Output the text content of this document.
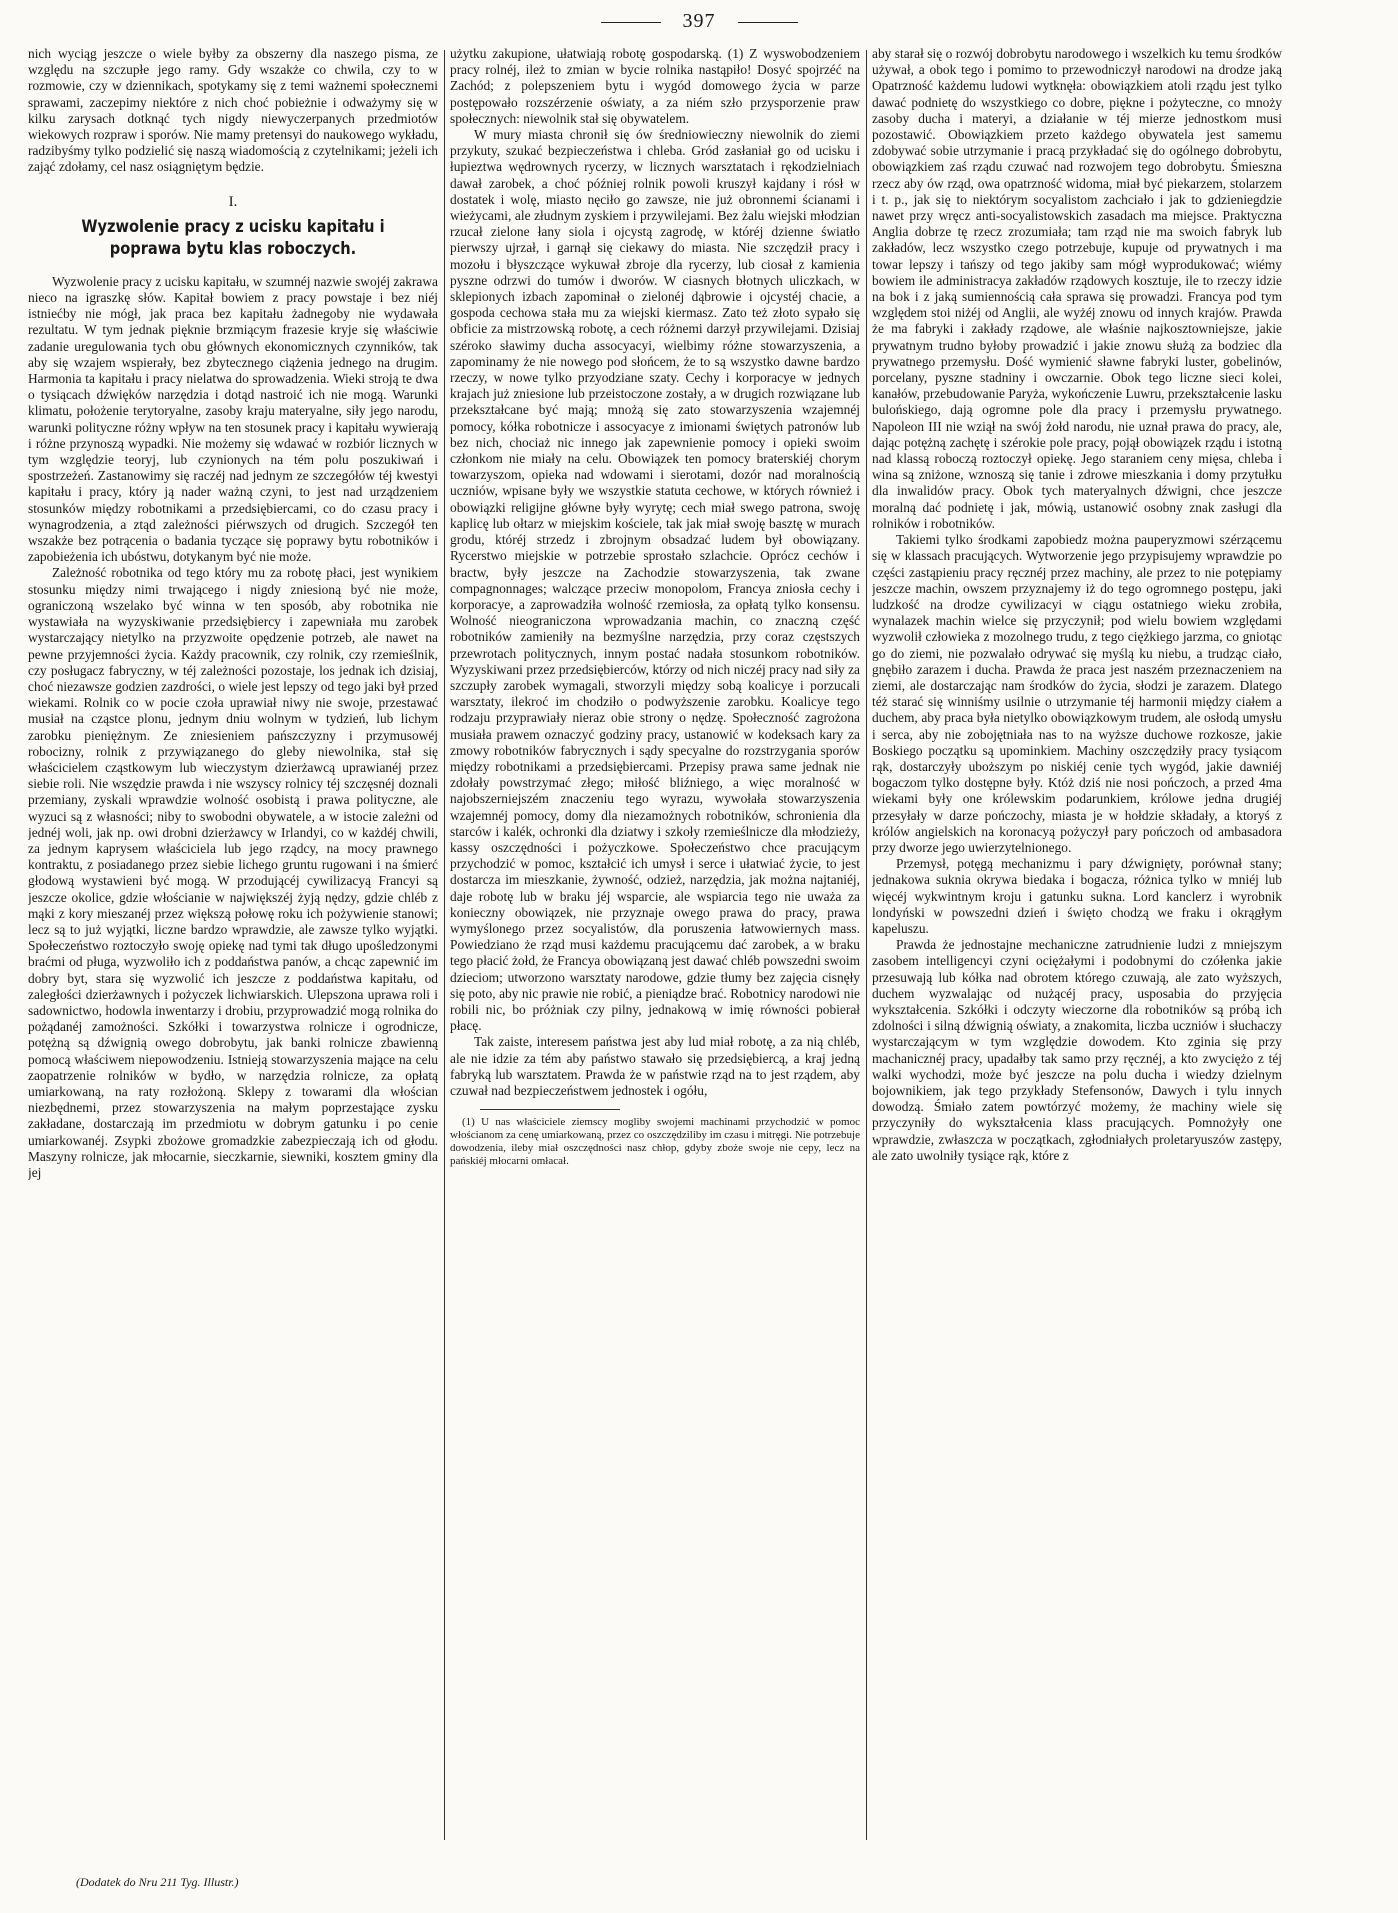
397

nich wyciąg jeszcze o wiele byłby za obszerny dla naszego pisma, ze względu na szczupłe jego ramy. Gdy wszakże co chwila, czy to w rozmowie, czy w dziennikach, spotykamy się z temi ważnemi społecznemi sprawami, zaczepimy niektóre z nich choć pobieżnie i odważymy się w kilku zarysach dotknąć tych nigdy niewyczerpanych przedmiotów wiekowych rozpraw i sporów. Nie mamy pretensyi do naukowego wykładu, radzibyśmy tylko podzielić się naszą wiadomością z czytelnikami; jeżeli ich zająć zdołamy, cel nasz osiągniętym będzie.

I.
Wyzwolenie pracy z ucisku kapitału i poprawa bytu klas roboczych.

Wyzwolenie pracy z ucisku kapitału, w szumnéj nazwie swojéj zakrawa nieco na igraszkę słów. Kapitał bowiem z pracy powstaje i bez niéj istniećby nie mógł, jak praca bez kapitału żadnegoby nie wydawała rezultatu. W tym jednak pięknie brzmiącym frazesie kryje się właściwie zadanie uregulowania tych obu głównych ekonomicznych czynników, tak aby się wzajem wspierały, bez zbytecznego ciążenia jednego na drugim. Harmonia ta kapitału i pracy nielatwa do sprowadzenia. Wieki stroją te dwa o tysiącach dźwięków narzędzia i dotąd nastroić ich nie mogą. Warunki klimatu, położenie terytoryalne, zasoby kraju materyalne, siły jego narodu, warunki polityczne różny wpływ na ten stosunek pracy i kapitału wywierają i różne przynoszą wypadki. Nie możemy się wdawać w rozbiór licznych w tym względzie teoryj, lub czynionych na tém polu poszukiwań i spostrzeżeń. Zastanowimy się raczéj nad jednym ze szczegółów téj kwestyi kapitału i pracy, który ją nader ważną czyni, to jest nad urządzeniem stosunków między robotnikami a przedsiębiercami, co do czasu pracy i wynagrodzenia, a ztąd zależności piérwszych od drugich. Szczegół ten wszakże bez potrącenia o badania tyczące się poprawy bytu robotników i zapobieżenia ich ubóstwu, dotykanym być nie może.

Zależność robotnika od tego który mu za robotę płaci, jest wynikiem stosunku między nimi trwającego i nigdy zniesioną być nie może, ograniczoną wszelako być winna w ten sposób, aby robotnika nie wystawiała na wyzyskiwanie przedsiębiercy i zapewniała mu zarobek wystarczający nietylko na przyzwoite opędzenie potrzeb, ale nawet na pewne przyjemności życia. Każdy pracownik, czy rolnik, czy rzemieślnik, czy posługacz fabryczny, w téj zależności pozostaje, los jednak ich dzisiaj, choć niezawsze godzien zazdrości, o wiele jest lepszy od tego jaki był przed wiekami. Rolnik co w pocie czoła uprawiał niwy nie swoje, przestawać musiał na cząstce plonu, jednym dniu wolnym w tydzień, lub lichym zarobku pieniężnym. Ze zniesieniem pańszczyzny i przymusowéj robocizny, rolnik z przywiązanego do gleby niewolnika, stał się właścicielem cząstkowym lub wieczystym dzierżawcą uprawianéj przez siebie roli. Nie wszędzie prawda i nie wszyscy rolnicy téj szczęsnéj doznali przemiany, zyskali wprawdzie wolność osobistą i prawa polityczne, ale wyzuci są z własności; niby to swobodni obywatele, a w istocie zależni od jednéj woli, jak np. owi drobni dzierżawcy w Irlandyi, co w każdéj chwili, za jednym kaprysem właściciela lub jego rządcy, na mocy prawnego kontraktu, z posiadanego przez siebie lichego gruntu rugowani i na śmierć głodową wystawieni być mogą. W przodującéj cywilizacyą Francyi są jeszcze okolice, gdzie włościanie w największéj żyją nędzy, gdzie chléb z mąki z kory mieszanéj przez większą połowę roku ich pożywienie stanowi; lecz są to już wyjątki, liczne bardzo wprawdzie, ale zawsze tylko wyjątki. Społeczeństwo roztoczyło swoję opiekę nad tymi tak długo upośledzonymi braćmi od pługa, wyzwoliło ich z poddaństwa panów, a chcąc zapewnić im dobry byt, stara się wyzwolić ich jeszcze z poddaństwa kapitału, od zaległości dzierżawnych i pożyczek lichwiarskich. Ulepszona uprawa roli i sadownictwo, hodowla inwentarzy i drobiu, przyprowadzić mogą rolnika do pożądanéj zamożności. Szkółki i towarzystwa rolnicze i ogrodnicze, potężną są dźwignią owego dobrobytu, jak banki rolnicze zbawienną pomocą właściwem niepowodzeniu. Istnieją stowarzyszenia mające na celu zaopatrzenie rolników w bydło, w narzędzia rolnicze, za opłatą umiarkowaną, na raty rozłożoną. Sklepy z towarami dla włościan niezbędnemi, przez stowarzyszenia na małym poprzestające zysku zakładane, dostarczają im przedmiotu w dobrym gatunku i po cenie umiarkowanéj. Zsypki zbożowe gromadzkie zabezpieczają ich od głodu. Maszyny rolnicze, jak młocarnie, sieczkarnie, siewniki, kosztem gminy dla jej

użytku zakupione, ułatwiają robotę gospodarską. (1) Z wyswobodzeniem pracy rolnéj, ileż to zmian w bycie rolnika nastąpiło! Dosyć spojrzéć na Zachód; z polepszeniem bytu i wygód domowego życia w parze postępowało rozszérzenie oświaty, a za niém szło przysporzenie praw społecznych: niewolnik stał się obywatelem.

W mury miasta chronił się ów średniowieczny niewolnik do ziemi przykuty, szukać bezpieczeństwa i chleba. Gród zasłaniał go od ucisku i łupieztwa wędrownych rycerzy, w licznych warsztatach i rękodzielniach dawał zarobek, a choć później rolnik powoli kruszył kajdany i rósł w dostatek i wolę, miasto nęciło go zawsze, nie już obronnemi ścianami i wieżycami, ale złudnym zyskiem i przywilejami. Bez żalu wiejski młodzian rzucał zielone łany siola i ojcystą zagrodę, w któréj dzienne światło pierwszy ujrzał, i garnął się ciekawy do miasta. Nie szczędził pracy i mozołu i błyszczące wykuwał zbroje dla rycerzy, lub ciosał z kamienia pyszne odrzwi do tumów i dworów. W ciasnych błotnych uliczkach, w sklepionych izbach zapominał o zielonéj dąbrowie i ojcystéj chacie, a gospoda cechowa stała mu za wiejski kiermasz. Zato też złoto sypało się obficie za mistrzowską robotę, a cech różnemi darzył przywilejami. Dzisiaj széroko sławimy ducha assocyacyi, wielbimy różne stowarzyszenia, a zapominamy że nie nowego pod słońcem, że to są wszystko dawne bardzo rzeczy, w nowe tylko przyodziane szaty. Cechy i korporacye w jednych krajach już zniesione lub przeistoczone zostały, a w drugich rozwiązane lub przekształcane być mają; mnożą się zato stowarzyszenia wzajemnéj pomocy, kółka robotnicze i assocyacye z imionami świętych patronów lub bez nich, chociaż nic innego jak zapewnienie pomocy i opieki swoim członkom nie miały na celu. Obowiązek ten pomocy braterskiéj chorym towarzyszom, opieka nad wdowami i sierotami, dozór nad moralnością uczniów, wpisane były we wszystkie statuta cechowe, w których również i obowiązki religijne główne były wyrytę; cech miał swego patrona, swoję kaplicę lub ołtarz w miejskim kościele, tak jak miał swoję basztę w murach grodu, któréj strzedz i zbrojnym obsadzać ludem był obowiązany. Rycerstwo miejskie w potrzebie sprostało szlachcie. Oprócz cechów i bractw, były jeszcze na Zachodzie stowarzyszenia, tak zwane compagnonnages; walczące przeciw monopolom, Francya zniosła cechy i korporacye, a zaprowadziła wolność rzemiosła, za opłatą tylko konsensu. Wolność nieograniczona wprowadzania machin, co znaczną część robotników zamieniły na bezmyślne narzędzia, przy coraz częstszych przewrotach politycznych, innym postać nadała stosunkom robotników. Wyzyskiwani przez przedsiębierców, którzy od nich niczéj pracy nad siły za szczupły zarobek wymagali, stworzyli między sobą koalicye i porzucali warsztaty, ilekroć im chodziło o podwyższenie zarobku. Koalicye tego rodzaju przyprawiały nieraz obie strony o nędzę. Społeczność zagrożona musiała prawem oznaczyć godziny pracy, ustanowić w kodeksach kary za zmowy robotników fabrycznych i sądy specyalne do rozstrzygania sporów między robotnikami a przedsiębiercami. Przepisy prawa same jednak nie zdołały powstrzymać złego; miłość bliźniego, a więc moralność w najobszerniejszém znaczeniu tego wyrazu, wywołała stowarzyszenia wzajemnéj pomocy, domy dla niezamożnych robotników, schronienia dla starców i kalék, ochronki dla dziatwy i szkoły rzemieślnicze dla młodzieży, kassy oszczędności i pożyczkowe. Społeczeństwo chce pracującym przychodzić w pomoc, kształcić ich umysł i serce i ułatwiać życie, to jest dostarcza im mieszkanie, żywność, odzież, narzędzia, jak można najtaniéj, daje robotę lub w braku jéj wsparcie, ale wspiarcia tego nie uważa za konieczny obowiązek, nie przyznaje owego prawa do pracy, prawa wymyślonego przez socyalistów, dla poruszenia łatwowiernych mass. Powiedziano że rząd musi każdemu pracującemu dać zarobek, a w braku tego płacić żołd, że Francya obowiązaną jest dawać chléb powszedni swoim dzieciom; utworzono warsztaty narodowe, gdzie tłumy bez zajęcia cisnęły się poto, aby nic prawie nie robić, a pieniądze brać. Robotnicy narodowi nie robili nic, bo próżniak czy pilny, jednakową w imię równości pobierał płacę.

Tak zaiste, interesem państwa jest aby lud miał robotę, a za nią chléb, ale nie idzie za tém aby państwo stawało się przedsiębiercą, a kraj jedną fabryką lub warsztatem. Prawda że w państwie rząd na to jest rządem, aby czuwał nad bezpieczeństwem jednostek i ogółu,

(1) U nas właściciele ziemscy mogliby swojemi machinami przychodzić w pomoc włościanom za cenę umiarkowaną, przez co oszczędziliby im czasu i mitręgi. Nie potrzebuje dowodzenia, ileby miał oszczędności nasz chłop, gdyby zboże swoje nie cepy, lecz na pańskiéj młocarni omłacał.

aby starał się o rozwój dobrobytu narodowego i wszelkich ku temu środków używał, a obok tego i pomimo to przewodniczył narodowi na drodze jaką Opatrzność każdemu ludowi wytknęła: obowiązkiem atoli rządu jest tylko dawać podnietę do wszystkiego co dobre, piękne i pożyteczne, co mnoży zasoby ducha i materyi, a działanie w téj mierze jednostkom musi pozostawić. Obowiązkiem przeto każdego obywatela jest samemu zdobywać sobie utrzymanie i pracą przykładać się do ogólnego dobrobytu, obowiązkiem zaś rządu czuwać nad rozwojem tego dobrobytu. Śmieszna rzecz aby ów rząd, owa opatrzność widoma, miał być piekarzem, stolarzem i t. p., jak się to niektórym socyalistom zachciało i jak to gdzieniegdzie nawet przy wręcz anti-socyalistowskich zasadach ma miejsce. Praktyczna Anglia dobrze tę rzecz zrozumiała; tam rząd nie ma swoich fabryk lub zakładów, lecz wszystko czego potrzebuje, kupuje od prywatnych i ma towar lepszy i tańszy od tego jakiby sam mógł wyprodukować; wiémy bowiem ile administracya zakładów rządowych kosztuje, ile to rzeczy idzie na bok i z jaką sumiennością cała sprawa się prowadzi. Francya pod tym względem stoi niżéj od Anglii, ale wyżéj znowu od innych krajów. Prawda że ma fabryki i zakłady rządowe, ale właśnie najkosztowniejsze, jakie prywatnym trudno byłoby prowadzić i jakie znowu służą za bodziec dla prywatnego przemysłu. Dość wymienić sławne fabryki luster, gobelinów, porcelany, pyszne stadniny i owczarnie. Obok tego liczne sieci kolei, kanałów, przebudowanie Paryża, wykończenie Luwru, przekształcenie lasku bulońskiego, dają ogromne pole dla pracy i przemysłu prywatnego. Napoleon III nie wziął na swój żołd narodu, nie uznał prawa do pracy, ale, dając potężną zachętę i szérokie pole pracy, pojął obowiązek rządu i istotną nad klassą roboczą roztoczył opiekę. Jego staraniem ceny mięsa, chleba i wina są zniżone, wznoszą się tanie i zdrowe mieszkania i domy przytułku dla inwalidów pracy. Obok tych materyalnych dźwigni, chce jeszcze moralną dać podnietę i jak, mówią, ustanowić osobny znak zasługi dla rolników i robotników.

Takiemi tylko środkami zapobiedz można pauperyzmowi szérzącemu się w klassach pracujących. Wytworzenie jego przypisujemy wprawdzie po części zastąpieniu pracy ręcznéj przez machiny, ale przez to nie potępiamy jeszcze machin, owszem przyznajemy iż do tego ogromnego postępu, jaki ludzkość na drodze cywilizacyi w ciągu ostatniego wieku zrobiła, wynalazek machin wielce się przyczynił; pod wielu bowiem względami wyzwolił człowieka z mozolnego trudu, z tego ciężkiego jarzma, co gniotąc go do ziemi, nie pozwalało odrywać się myślą ku niebu, a trudząc ciało, gnębiło zarazem i ducha. Prawda że praca jest naszém przeznaczeniem na ziemi, ale dostarczając nam środków do życia, słodzi je zarazem. Dlatego téż starać się winniśmy usilnie o utrzymanie téj harmonii między ciałem a duchem, aby praca była nietylko obowiązkowym trudem, ale osłodą umysłu i serca, aby nie zobojętniała nas to na wyższe duchowe rozkosze, jakie Boskiego początku są upominkiem. Machiny oszczędziły pracy tysiącom rąk, dostarczyły uboższym po niskiéj cenie tych wygód, jakie dawniéj bogaczom tylko dostępne były. Któż dziś nie nosi pończoch, a przed 4ma wiekami były one królewskim podarunkiem, królowe jedna drugiéj przesyłały w darze pończochy, miasta je w hołdzie składały, a ktoryś z królów angielskich na koronacyą pożyczył pary pończoch od ambasadora przy dworze jego uwierzytelnionego.

Przemysł, potęgą mechanizmu i pary dźwignięty, porównał stany; jednakowa suknia okrywa biedaka i bogacza, różnica tylko w mniéj lub więcéj wykwintnym kroju i gatunku sukna. Lord kanclerz i wyrobnik londyński w powszedni dzień i święto chodzą we fraku i okrągłym kapeluszu.

Prawda że jednostajne mechaniczne zatrudnienie ludzi z mniejszym zasobem intelligencyi czyni ociężałymi i podobnymi do czółenka jakie przesuwają lub kółka nad obrotem którego czuwają, ale zato wyższych, duchem wyzwalając od nużącéj pracy, usposabia do przyjęcia wykształcenia. Szkółki i odczyty wieczorne dla robotników są próbą ich zdolności i silną dźwignią oświaty, a znakomita, liczba uczniów i słuchaczy wystarczającym w tym względzie dowodem. Kto zginia się przy machanicznéj pracy, upadałby tak samo przy ręcznéj, a kto zwyciężo z téj walki wychodzi, może być jeszcze na polu ducha i wiedzy dzielnym bojownikiem, jak tego przykłady Stefensonów, Dawych i tylu innych dowodzą. Śmiało zatem powtórzyć możemy, że machiny wiele się przyczyniły do wykształcenia klass pracujących. Pomnożyły one wprawdzie, zwłaszcza w początkach, zgłodniałych proletaryuszów zastępy, ale zato uwolniły tysiące rąk, które z

(Dodatek do Nru 211 Tyg. Illustr.)
